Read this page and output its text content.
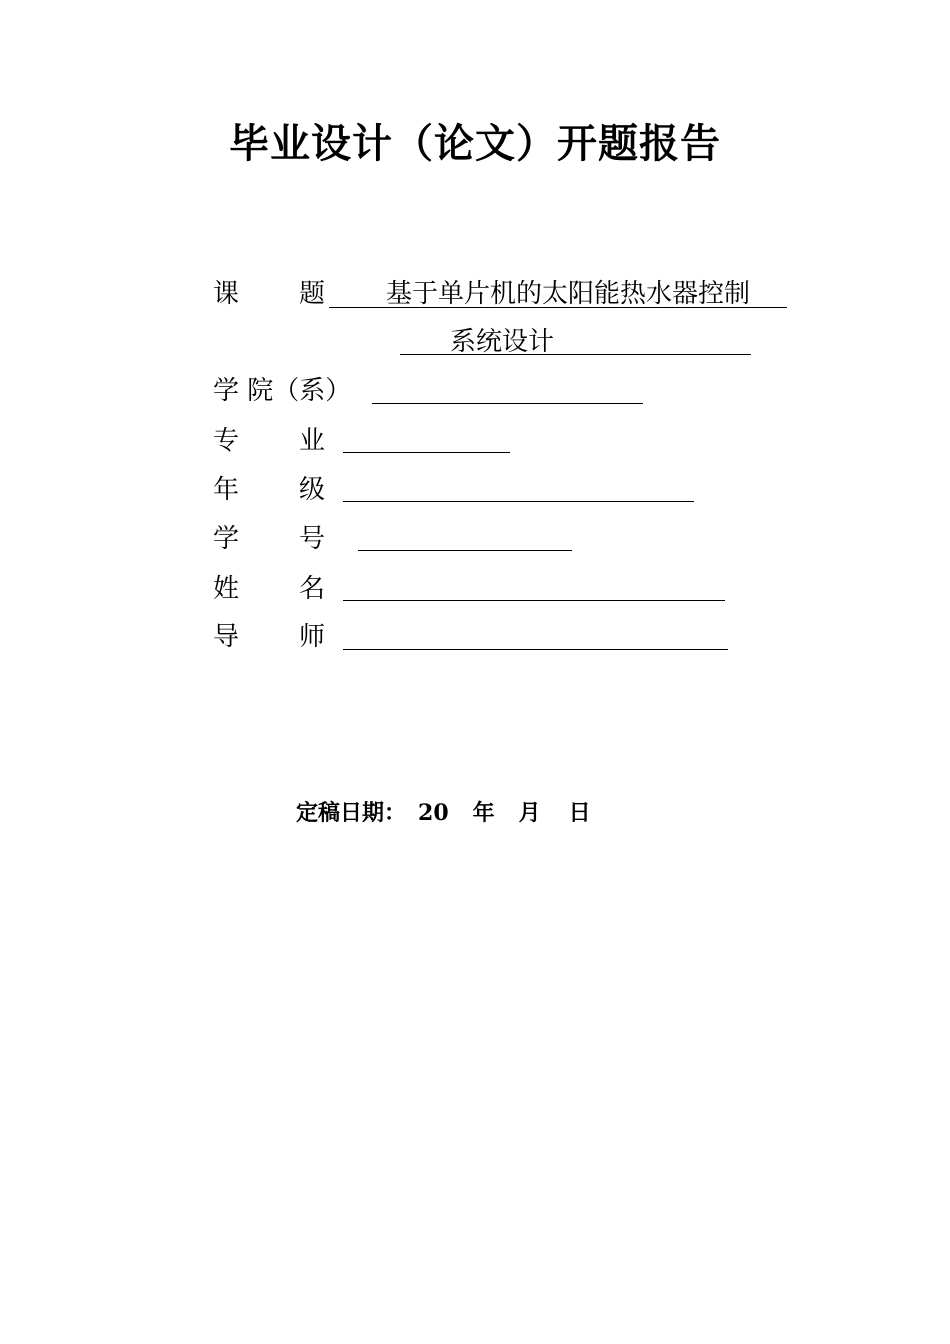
毕业设计（论文）开题报告
课 题 基于单片机的太阳能热水器控制
系统设计
学 院（系）
专 业
年 级
学 号
姓 名
导 师
定稿日期： 20 年 月 日
